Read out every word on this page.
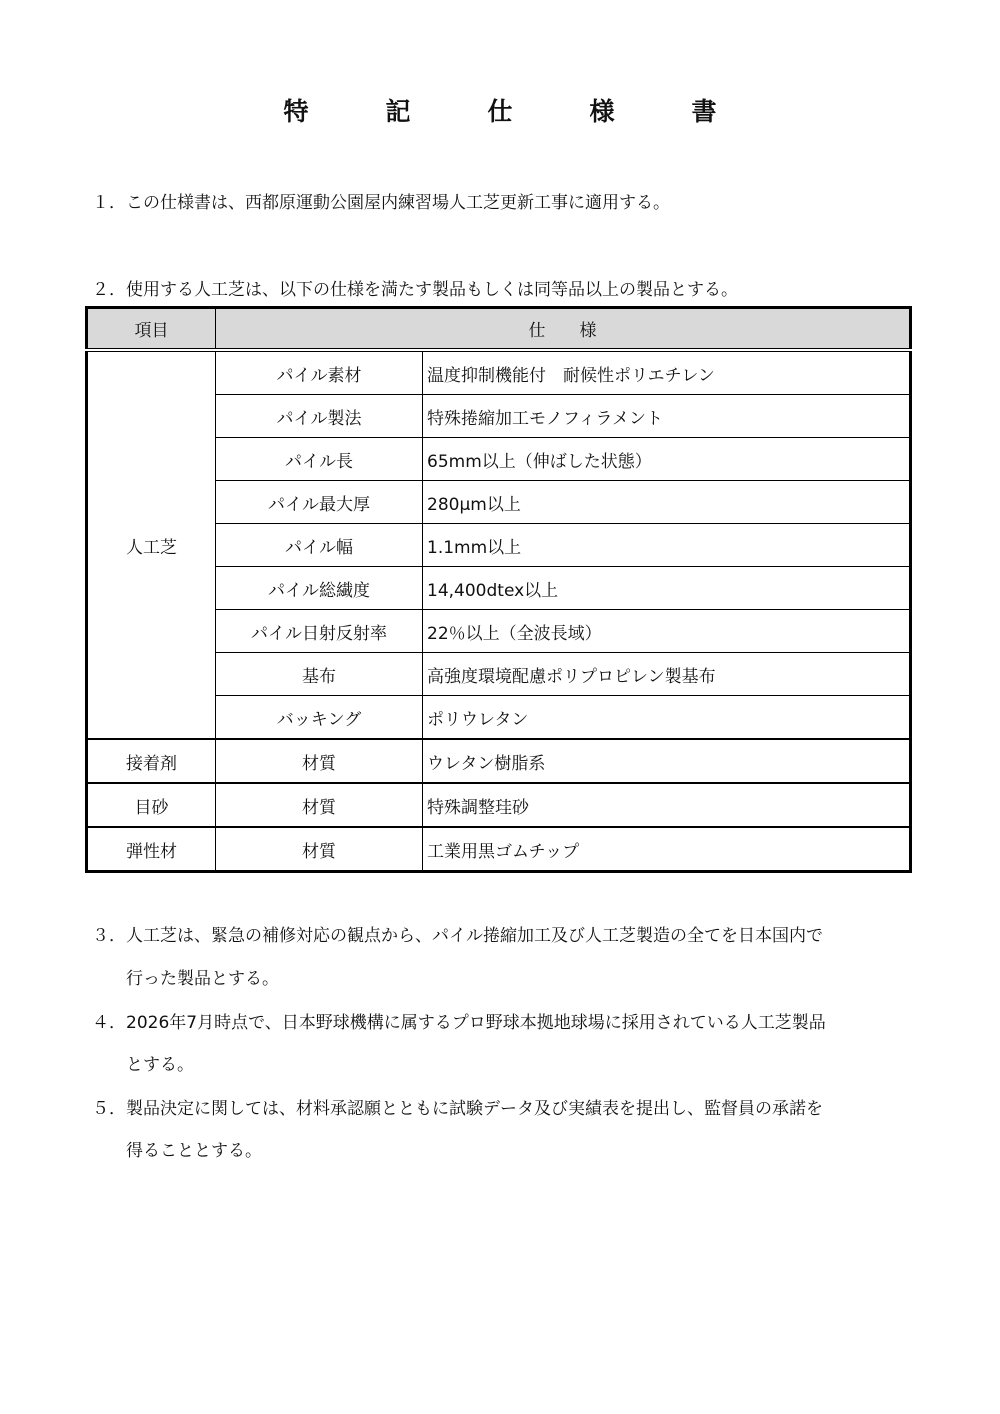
特　記　仕　様　書
１．この仕様書は、西都原運動公園屋内練習場人工芝更新工事に適用する。
２．使用する人工芝は、以下の仕様を満たす製品もしくは同等品以上の製品とする。
項目	仕　　様	
人工芝	パイル素材	温度抑制機能付　耐候性ポリエチレン
	パイル製法	特殊捲縮加工モノフィラメント
	パイル長	65mm以上（伸ばした状態）
	パイル最大厚	280μm以上
	パイル幅	1.1mm以上
	パイル総繊度	14,400dtex以上
	パイル日射反射率	22％以上（全波長域）
	基布	高強度環境配慮ポリプロピレン製基布
	バッキング	ポリウレタン
接着剤	材質	ウレタン樹脂系
目砂	材質	特殊調整珪砂
弾性材	材質	工業用黒ゴムチップ
３．人工芝は、緊急の補修対応の観点から、パイル捲縮加工及び人工芝製造の全てを日本国内で
行った製品とする。
４．2026年7月時点で、日本野球機構に属するプロ野球本拠地球場に採用されている人工芝製品
とする。
５．製品決定に関しては、材料承認願とともに試験データ及び実績表を提出し、監督員の承諾を
得ることとする。
